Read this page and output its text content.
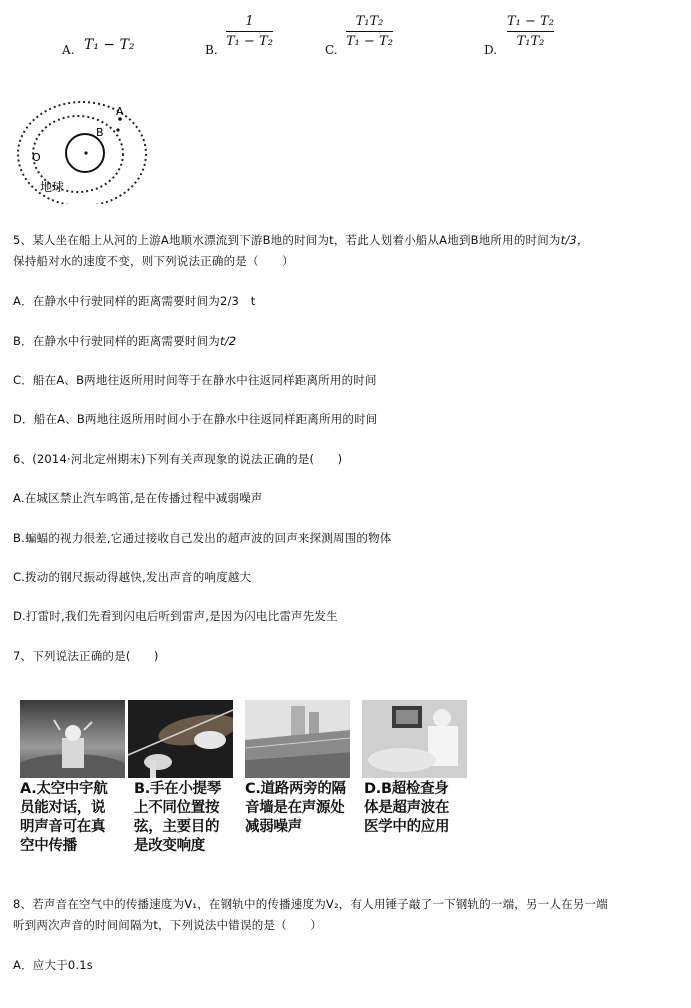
A. T₁ − T₂	B.
1
T₁ − T₂
C.
T₁T₂
T₁ − T₂
D.
T₁ − T₂
T₁T₂
A
B
O
地球
5、某人坐在船上从河的上游A地顺水漂流到下游B地的时间为t，若此人划着小船从A地到B地所用的时间为t/3，
保持船对水的速度不变，则下列说法正确的是（　　）
A．在静水中行驶同样的距离需要时间为2/3　t
B．在静水中行驶同样的距离需要时间为t/2
C．船在A、B两地往返所用时间等于在静水中往返同样距离所用的时间
D．船在A、B两地往返所用时间小于在静水中往返同样距离所用的时间
6、(2014·河北定州期末)下列有关声现象的说法正确的是(　　)
A.在城区禁止汽车鸣笛,是在传播过程中减弱噪声
B.蝙蝠的视力很差,它通过接收自己发出的超声波的回声来探测周围的物体
C.拨动的钢尺振动得越快,发出声音的响度越大
D.打雷时,我们先看到闪电后听到雷声,是因为闪电比雷声先发生
7、下列说法正确的是(　　)
A.太空中宇航
员能对话，说
明声音可在真
空中传播
B.手在小提琴
上不同位置按
弦，主要目的
是改变响度
C.道路两旁的隔
音墙是在声源处
减弱噪声
D.B超检查身
体是超声波在
医学中的应用
8、若声音在空气中的传播速度为V₁，在钢轨中的传播速度为V₂，有人用锤子敲了一下钢轨的一端，另一人在另一端
听到两次声音的时间间隔为t，下列说法中错误的是（　　）
A．应大于0.1s
